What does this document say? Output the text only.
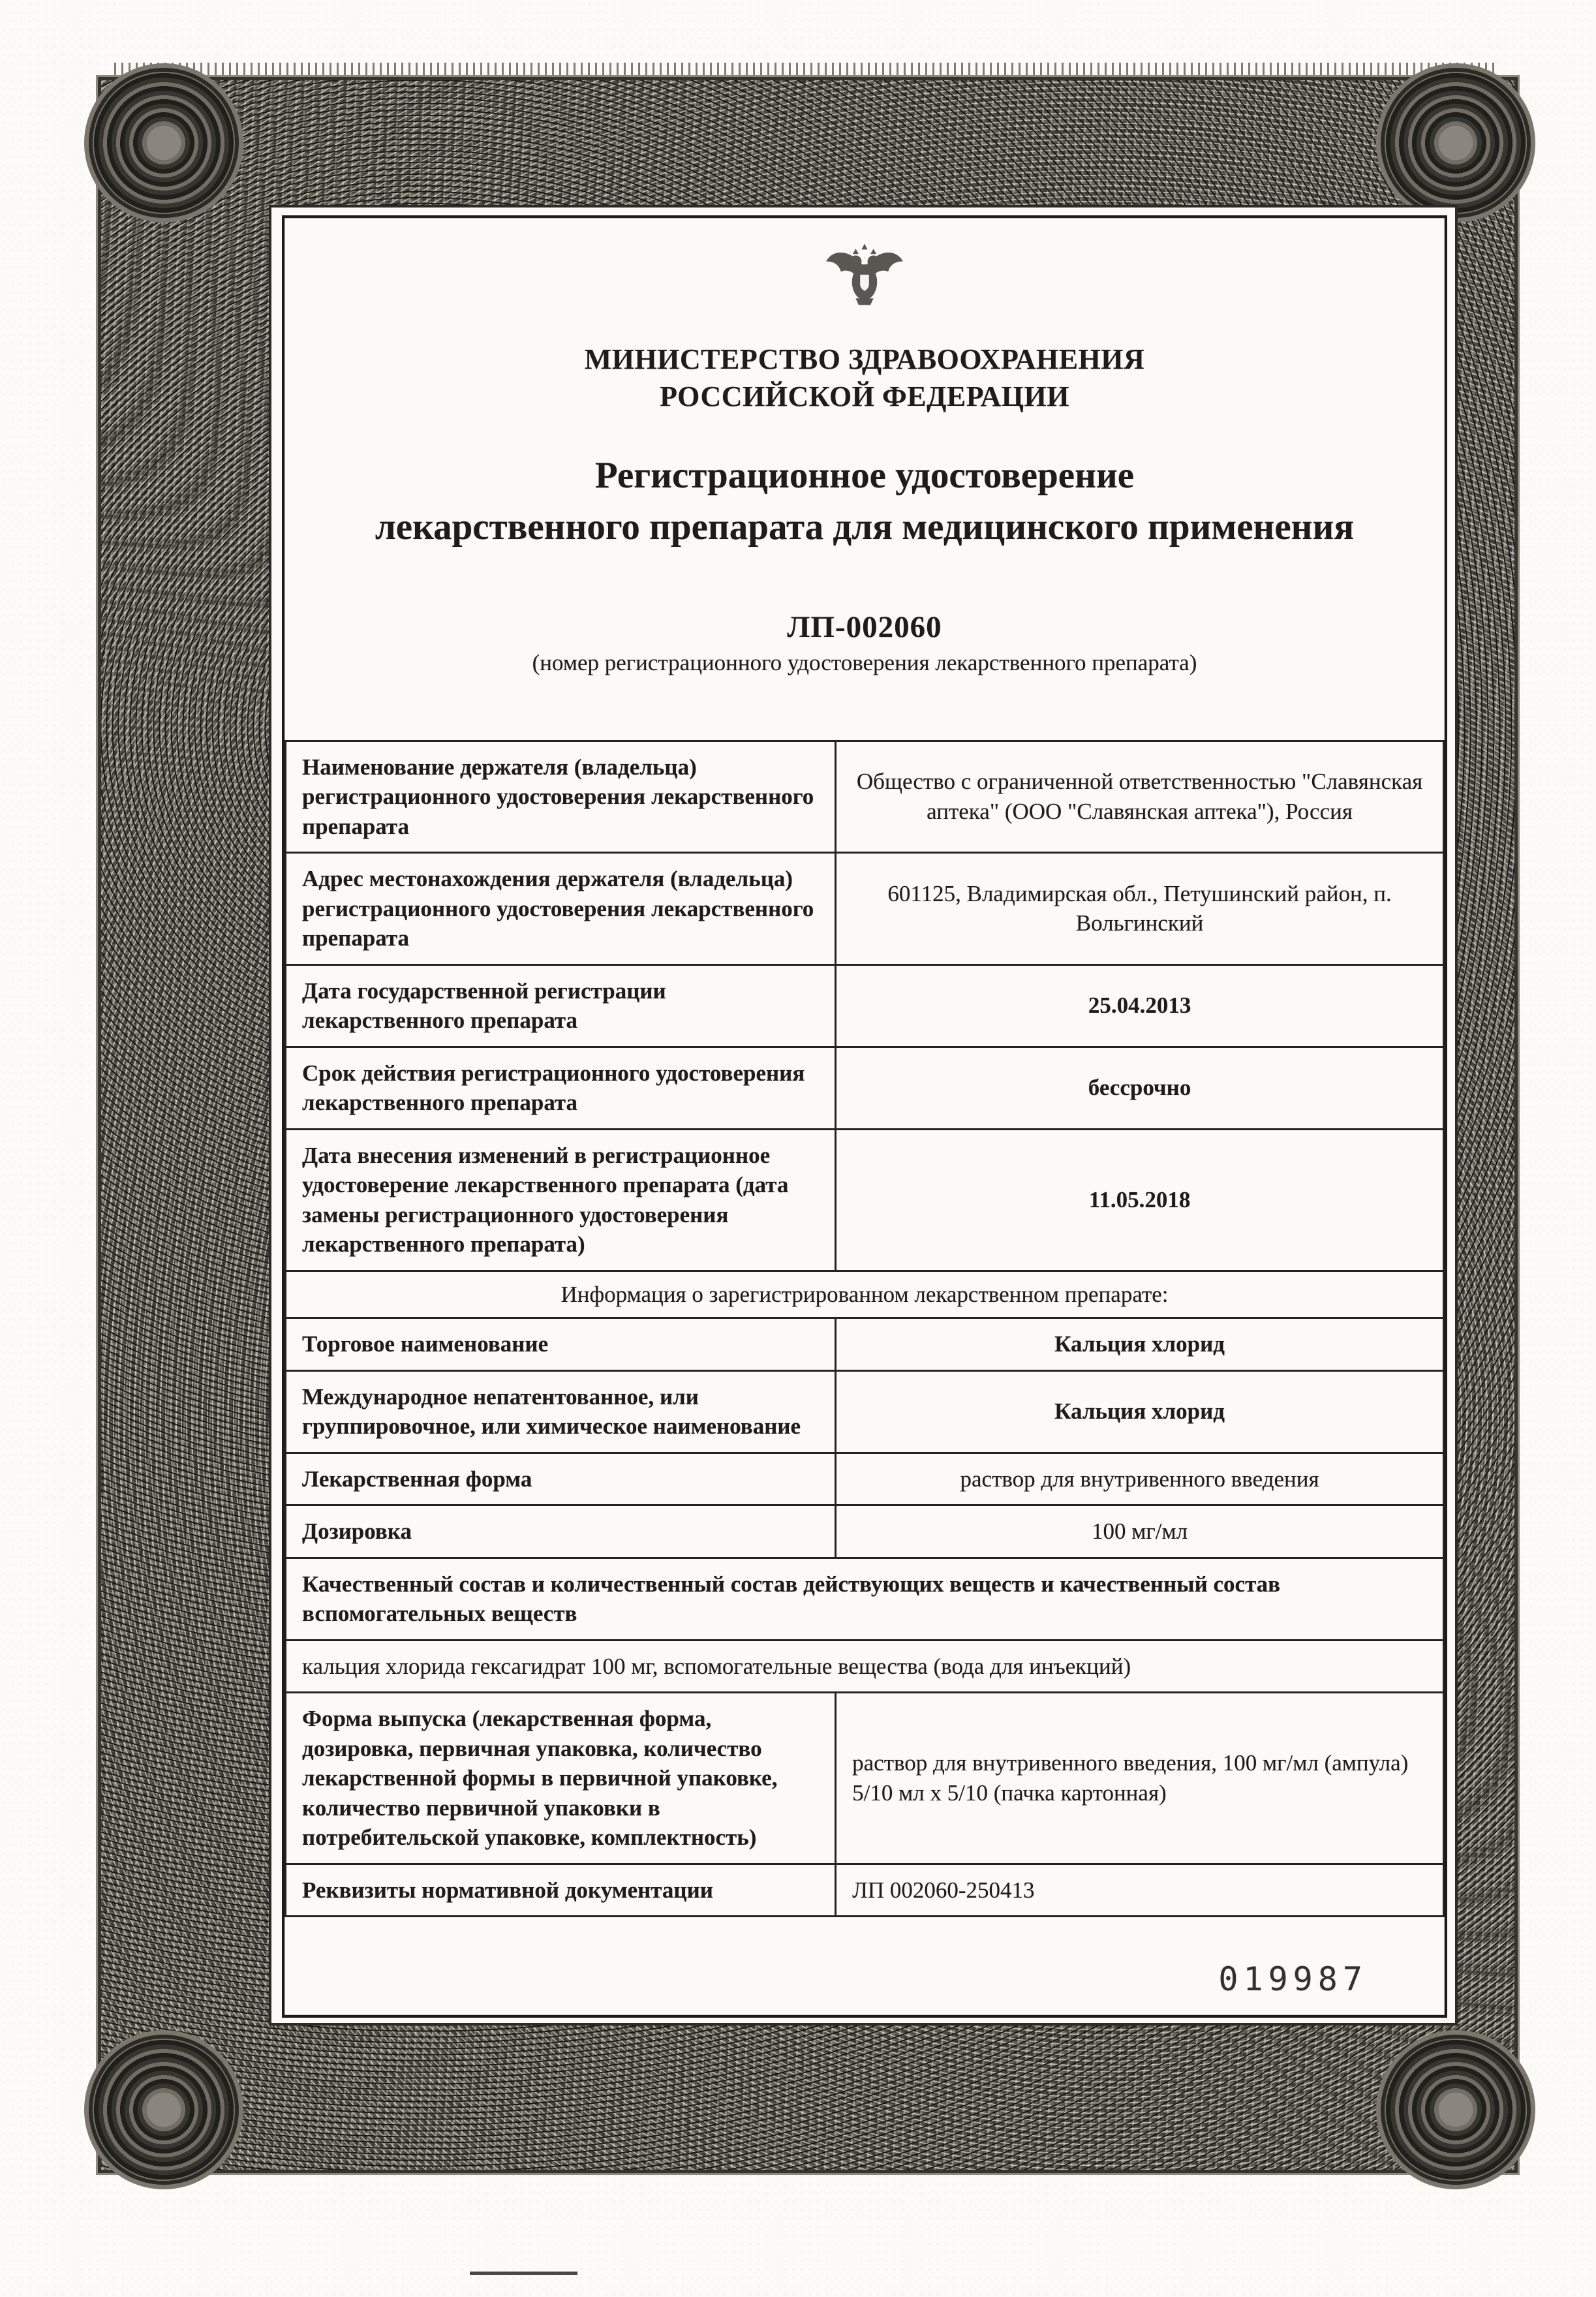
МИНИСТЕРСТВО ЗДРАВООХРАНЕНИЯ
РОССИЙСКОЙ ФЕДЕРАЦИИ
Регистрационное удостоверение
лекарственного препарата для медицинского применения
ЛП-002060
(номер регистрационного удостоверения лекарственного препарата)
Наименование держателя (владельца) регистрационного удостоверения лекарственного препарата	Общество с ограниченной ответственностью "Славянская аптека" (ООО "Славянская аптека"), Россия
Адрес местонахождения держателя (владельца) регистрационного удостоверения лекарственного препарата	601125, Владимирская обл., Петушинский район, п. Вольгинский
Дата государственной регистрации лекарственного препарата	25.04.2013
Срок действия регистрационного удостоверения лекарственного препарата	бессрочно
Дата внесения изменений в регистрационное удостоверение лекарственного препарата (дата замены регистрационного удостоверения лекарственного препарата)	11.05.2018
Информация о зарегистрированном лекарственном препарате:	
Торговое наименование	Кальция хлорид
Международное непатентованное, или группировочное, или химическое наименование	Кальция хлорид
Лекарственная форма	раствор для внутривенного введения
Дозировка	100 мг/мл
Качественный состав и количественный состав действующих веществ и качественный состав вспомогательных веществ	
кальция хлорида гексагидрат 100 мг, вспомогательные вещества (вода для инъекций)	
Форма выпуска (лекарственная форма, дозировка, первичная упаковка, количество лекарственной формы в первичной упаковке, количество первичной упаковки в потребительской упаковке, комплектность)	раствор для внутривенного введения, 100 мг/мл (ампула) 5/10 мл х 5/10 (пачка картонная)
Реквизиты нормативной документации	ЛП 002060-250413
019987
